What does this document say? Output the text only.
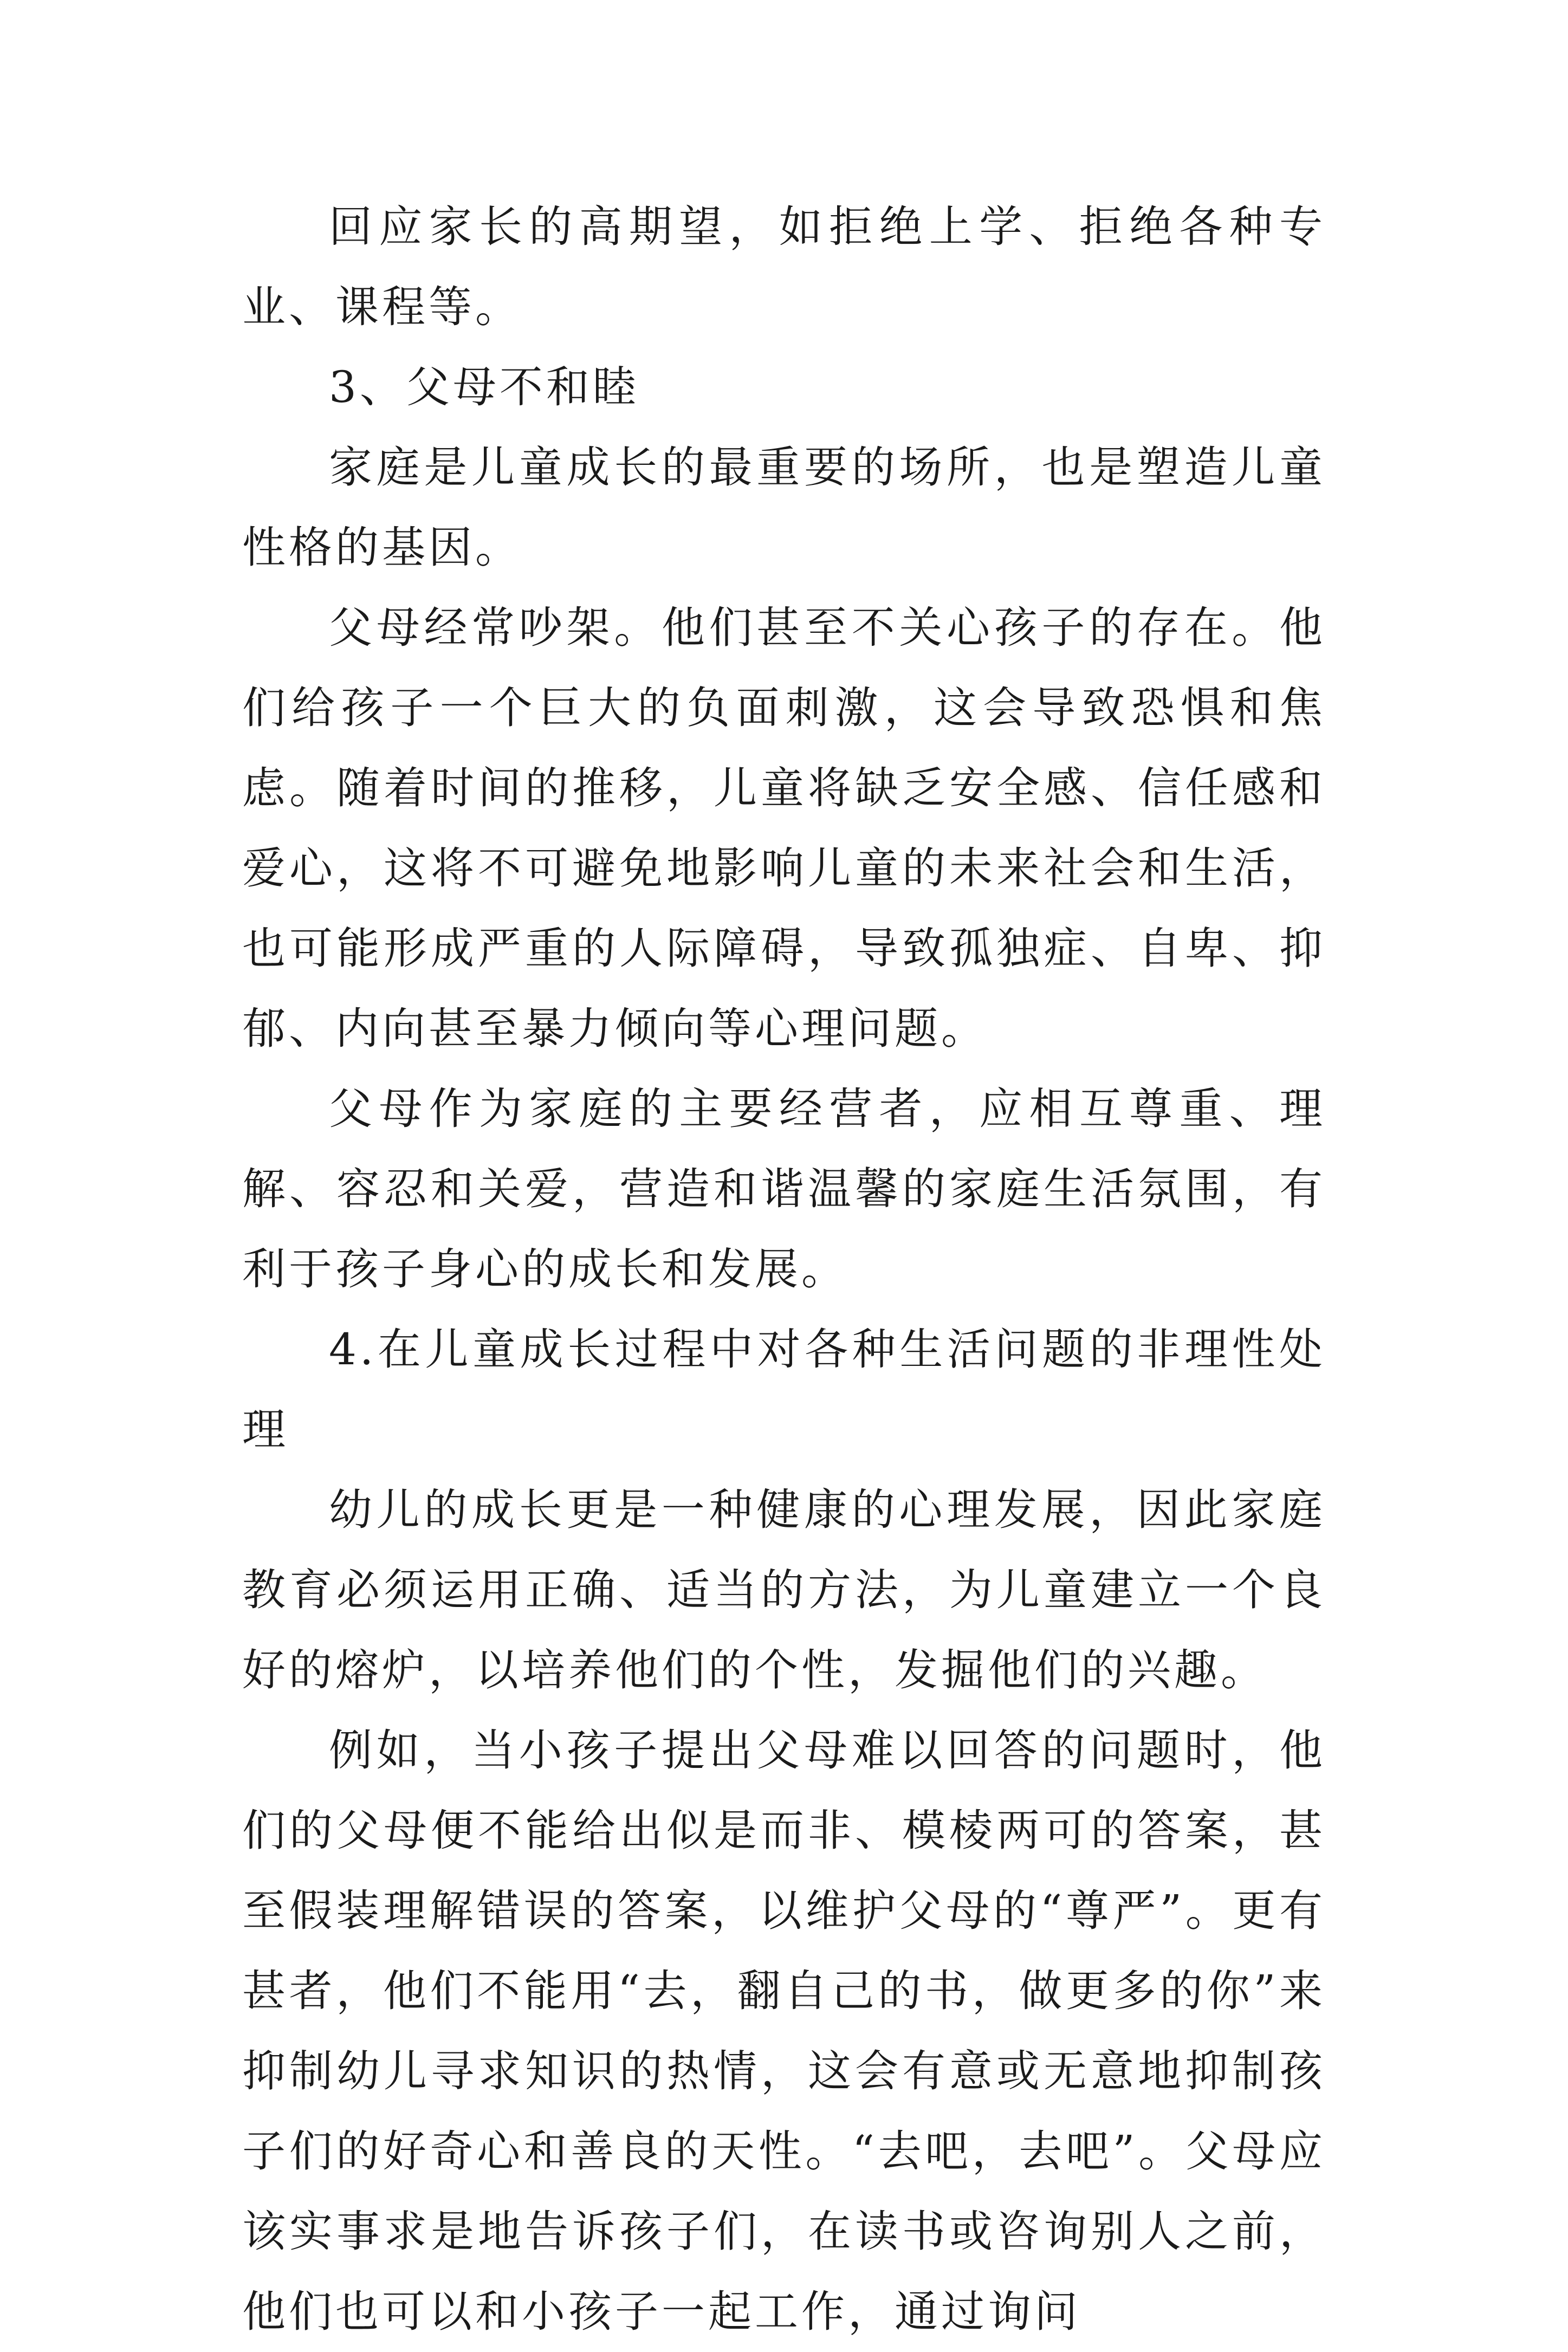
回应家长的高期望，如拒绝上学、拒绝各种专业、课程等。

3、父母不和睦

家庭是儿童成长的最重要的场所，也是塑造儿童性格的基因。

父母经常吵架。他们甚至不关心孩子的存在。他们给孩子一个巨大的负面刺激，这会导致恐惧和焦虑。随着时间的推移，儿童将缺乏安全感、信任感和爱心，这将不可避免地影响儿童的未来社会和生活，也可能形成严重的人际障碍，导致孤独症、自卑、抑郁、内向甚至暴力倾向等心理问题。

父母作为家庭的主要经营者，应相互尊重、理解、容忍和关爱，营造和谐温馨的家庭生活氛围，有利于孩子身心的成长和发展。

4.在儿童成长过程中对各种生活问题的非理性处理

幼儿的成长更是一种健康的心理发展，因此家庭教育必须运用正确、适当的方法，为儿童建立一个良好的熔炉，以培养他们的个性，发掘他们的兴趣。

例如，当小孩子提出父母难以回答的问题时，他们的父母便不能给出似是而非、模棱两可的答案，甚至假装理解错误的答案，以维护父母的“尊严”。更有甚者，他们不能用“去，翻自己的书，做更多的你”来抑制幼儿寻求知识的热情，这会有意或无意地抑制孩子们的好奇心和善良的天性。“去吧，去吧”。父母应该实事求是地告诉孩子们，在读书或咨询别人之前，他们也可以和小孩子一起工作，通过询问
